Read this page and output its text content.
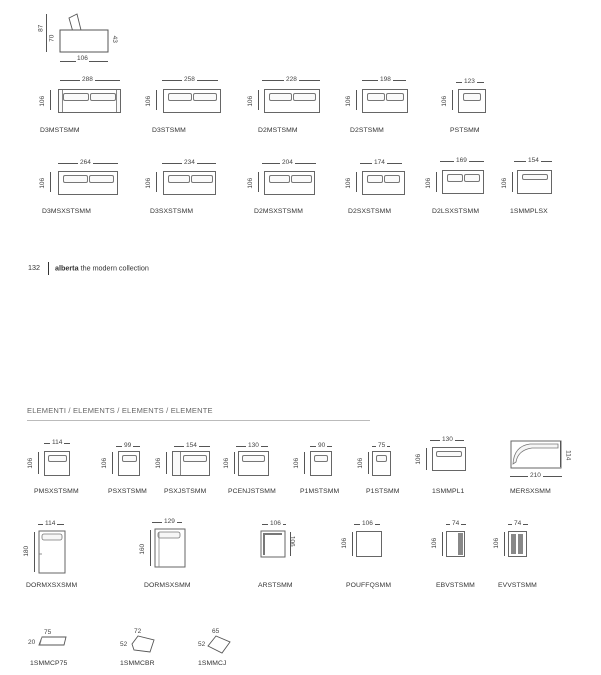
87
70	43
106
288
106
D3MSTSMM
258
106
D3STSMM
228
106
D2MSTSMM
198
106
D2STSMM
123
106
PSTSMM
264
106
D3MSXSTSMM
234
106
D3SXSTSMM
204
106
D2MSXSTSMM
174
106
D2SXSTSMM
169
106
D2LSXSTSMM
154
106
1SMMPLSX
132 alberta the modern collection
ELEMENTI / ELEMENTS / ELEMENTS / ELEMENTE
114
106
PMSXSTSMM
99
106
PSXSTSMM
154
106
PSXJSTSMM
130
106
PCENJSTSMM
90
106
P1MSTSMM
75
106
P1STSMM
130
106
1SMMPL1
114
210
MERSXSMM
114
180
DORMXSXSMM
129
160
DORMSXSMM
106
106
ARSTSMM
106
106
POUFFQSMM
74
106
EBVSTSMM
74
106
EVVSTSMM
75
20
1SMMCP75
72
52
1SMMCBR
65
52
1SMMCJ
